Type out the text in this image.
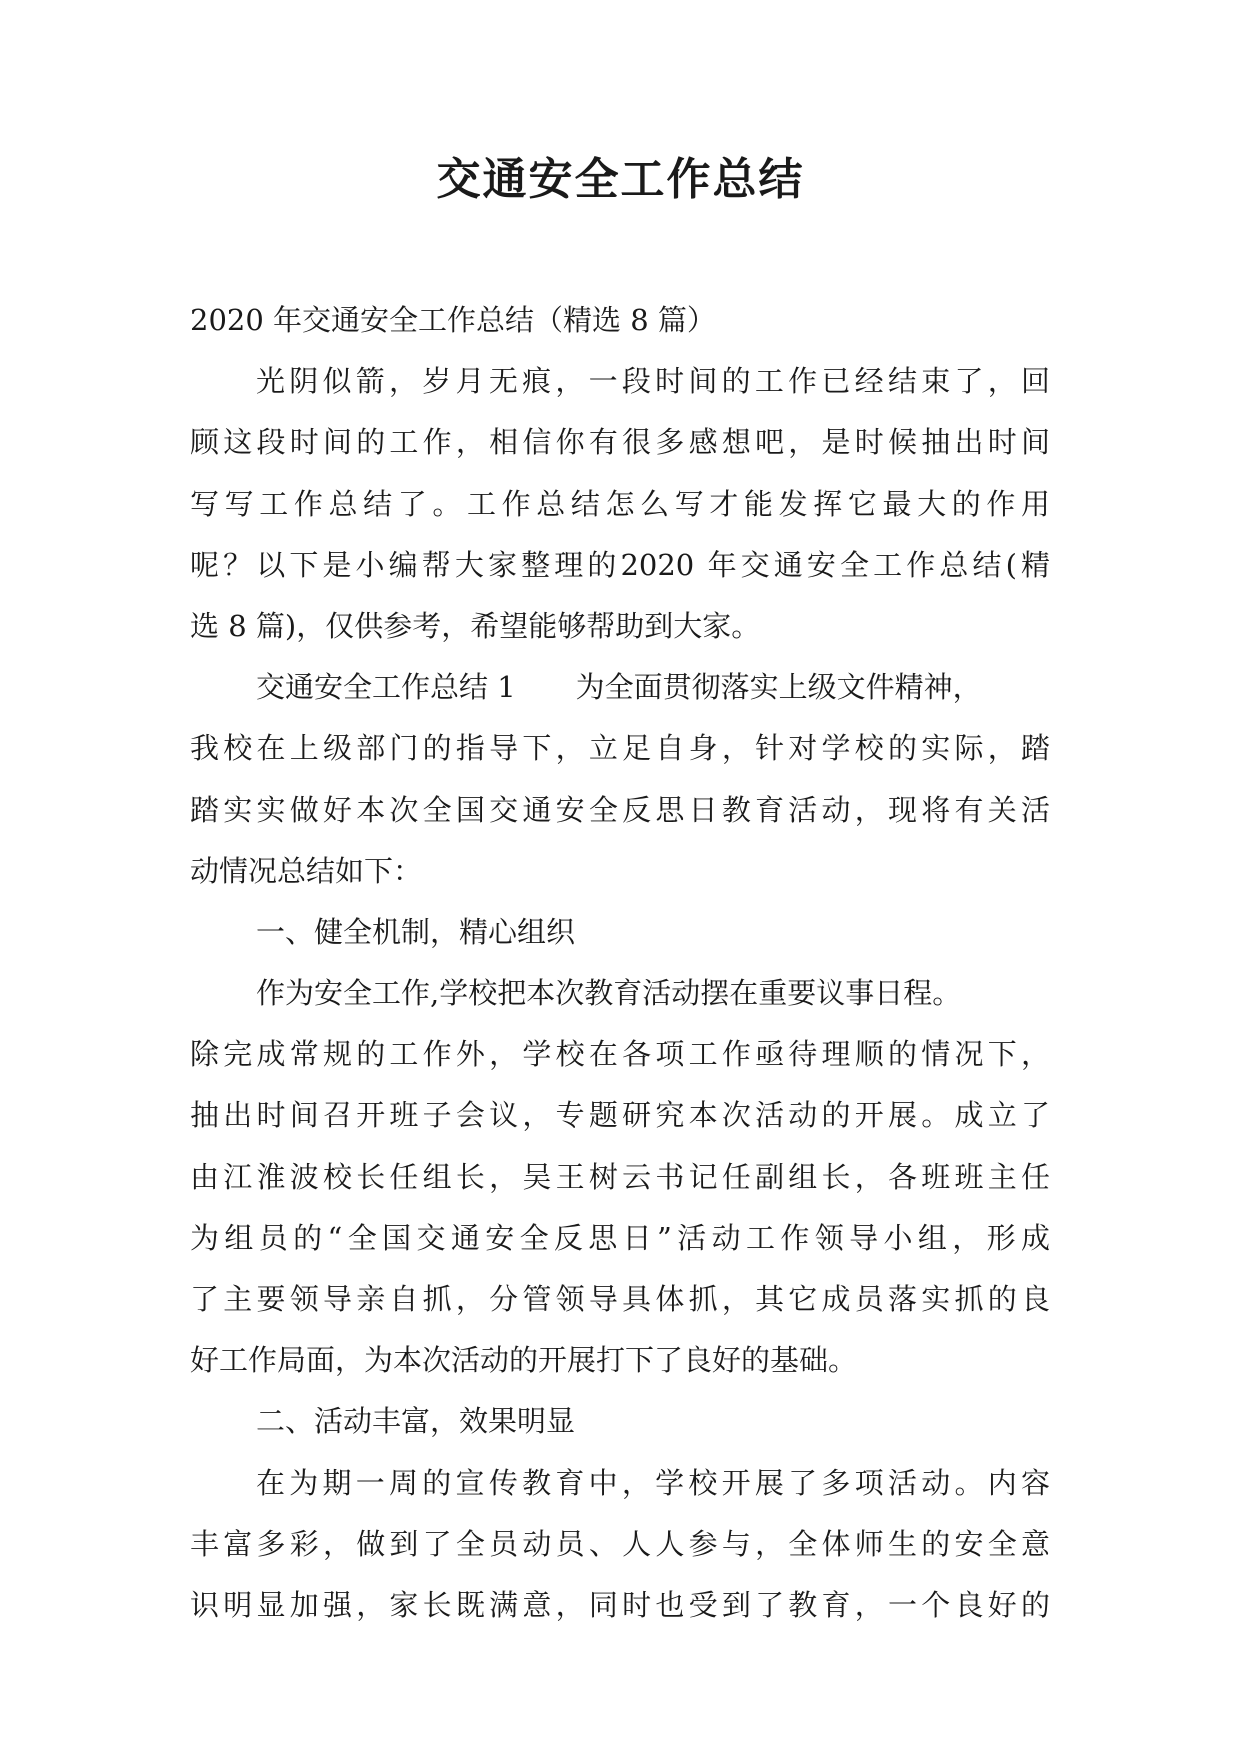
交通安全工作总结

2020 年交通安全工作总结（精选 8 篇）

光阴似箭，岁月无痕，一段时间的工作已经结束了，回

顾这段时间的工作，相信你有很多感想吧，是时候抽出时间

写写工作总结了。工作总结怎么写才能发挥它最大的作用

呢？以下是小编帮大家整理的2020 年交通安全工作总结(精

选 8 篇)，仅供参考，希望能够帮助到大家。

交通安全工作总结 1 为全面贯彻落实上级文件精神，

我校在上级部门的指导下，立足自身，针对学校的实际，踏

踏实实做好本次全国交通安全反思日教育活动，现将有关活

动情况总结如下：

一、健全机制，精心组织

作为安全工作,学校把本次教育活动摆在重要议事日程。

除完成常规的工作外，学校在各项工作亟待理顺的情况下，

抽出时间召开班子会议，专题研究本次活动的开展。成立了

由江淮波校长任组长，吴王树云书记任副组长，各班班主任

为组员的“全国交通安全反思日”活动工作领导小组，形成

了主要领导亲自抓，分管领导具体抓，其它成员落实抓的良

好工作局面，为本次活动的开展打下了良好的基础。

二、活动丰富，效果明显

在为期一周的宣传教育中，学校开展了多项活动。内容

丰富多彩，做到了全员动员、人人参与，全体师生的安全意

识明显加强，家长既满意，同时也受到了教育，一个良好的
